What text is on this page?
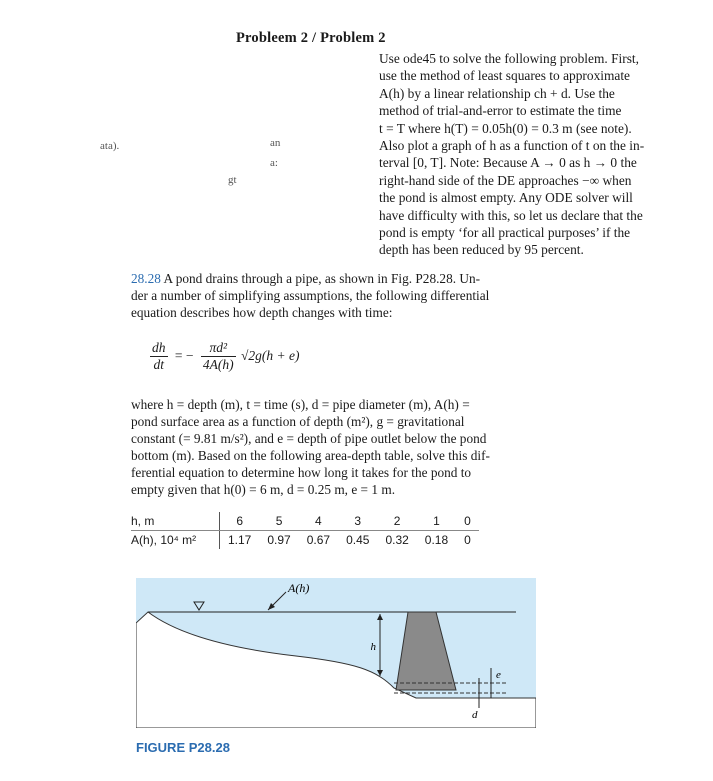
Probleem 2 / Problem 2
ata).	an
a:
gt
Use ode45 to solve the following problem. First,
use the method of least squares to approximate
A(h) by a linear relationship ch + d. Use the
method of trial-and-error to estimate the time
t = T where h(T) = 0.05h(0) = 0.3 m (see note).
Also plot a graph of h as a function of t on the in-
terval [0, T]. Note: Because A → 0 as h → 0 the
right-hand side of the DE approaches −∞ when
the pond is almost empty. Any ODE solver will
have difficulty with this, so let us declare that the
pond is empty ‘for all practical purposes’ if the
depth has been reduced by 95 percent.
28.28 A pond drains through a pipe, as shown in Fig. P28.28. Un-
der a number of simplifying assumptions, the following differential
equation describes how depth changes with time:
$\frac{dh}{dt}$ = − $\frac{\text{πd²}}{4A(h)} √2g(h + e)$
where h = depth (m), t = time (s), d = pipe diameter (m), A(h) =
pond surface area as a function of depth (m²), g = gravitational
constant (= 9.81 m/s²), and e = depth of pipe outlet below the pond
bottom (m). Based on the following area-depth table, solve this dif-
ferential equation to determine how long it takes for the pond to
empty given that h(0) = 6 m, d = 0.25 m, e = 1 m.
h, m		6	5	4	3	2	1	0
A(h), 10⁴ m²		1.17	0.97	0.67	0.45	0.32	0.18	0
h
e
d
A(h)
FIGURE P28.28
